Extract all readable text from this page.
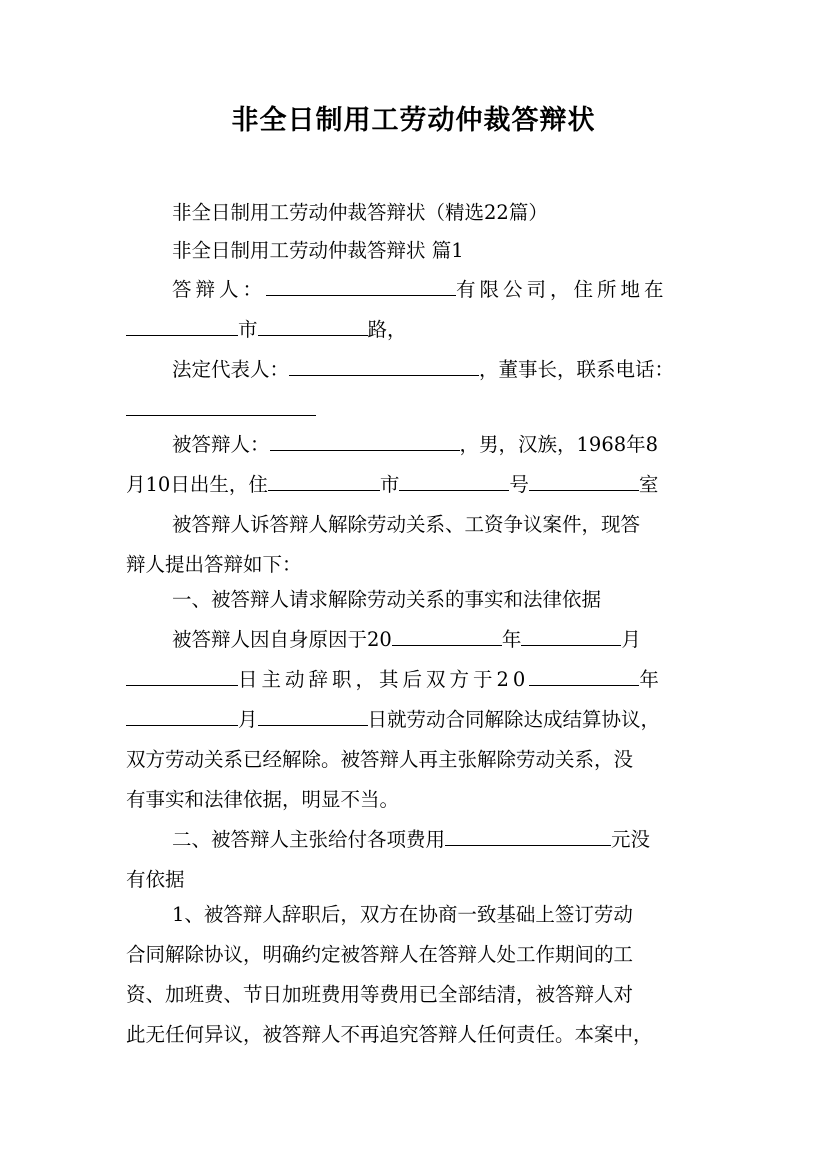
非全日制用工劳动仲裁答辩状
非全日制用工劳动仲裁答辩状（精选22篇）
非全日制用工劳动仲裁答辩状 篇1
答辩人：	有限公司，住所地在
市	路，
法定代表人：	，董事长，联系电话：
被答辩人：	，男，汉族，1968年8
月10日出生，住	市	号	室
被答辩人诉答辩人解除劳动关系、工资争议案件，现答
辩人提出答辩如下：
一、被答辩人请求解除劳动关系的事实和法律依据
被答辩人因自身原因于20	年	月
日主动辞职，其后双方于20	年
月	日就劳动合同解除达成结算协议，
双方劳动关系已经解除。被答辩人再主张解除劳动关系，没
有事实和法律依据，明显不当。
二、被答辩人主张给付各项费用	元没
有依据
1、被答辩人辞职后，双方在协商一致基础上签订劳动
合同解除协议，明确约定被答辩人在答辩人处工作期间的工
资、加班费、节日加班费用等费用已全部结清，被答辩人对
此无任何异议，被答辩人不再追究答辩人任何责任。本案中，
